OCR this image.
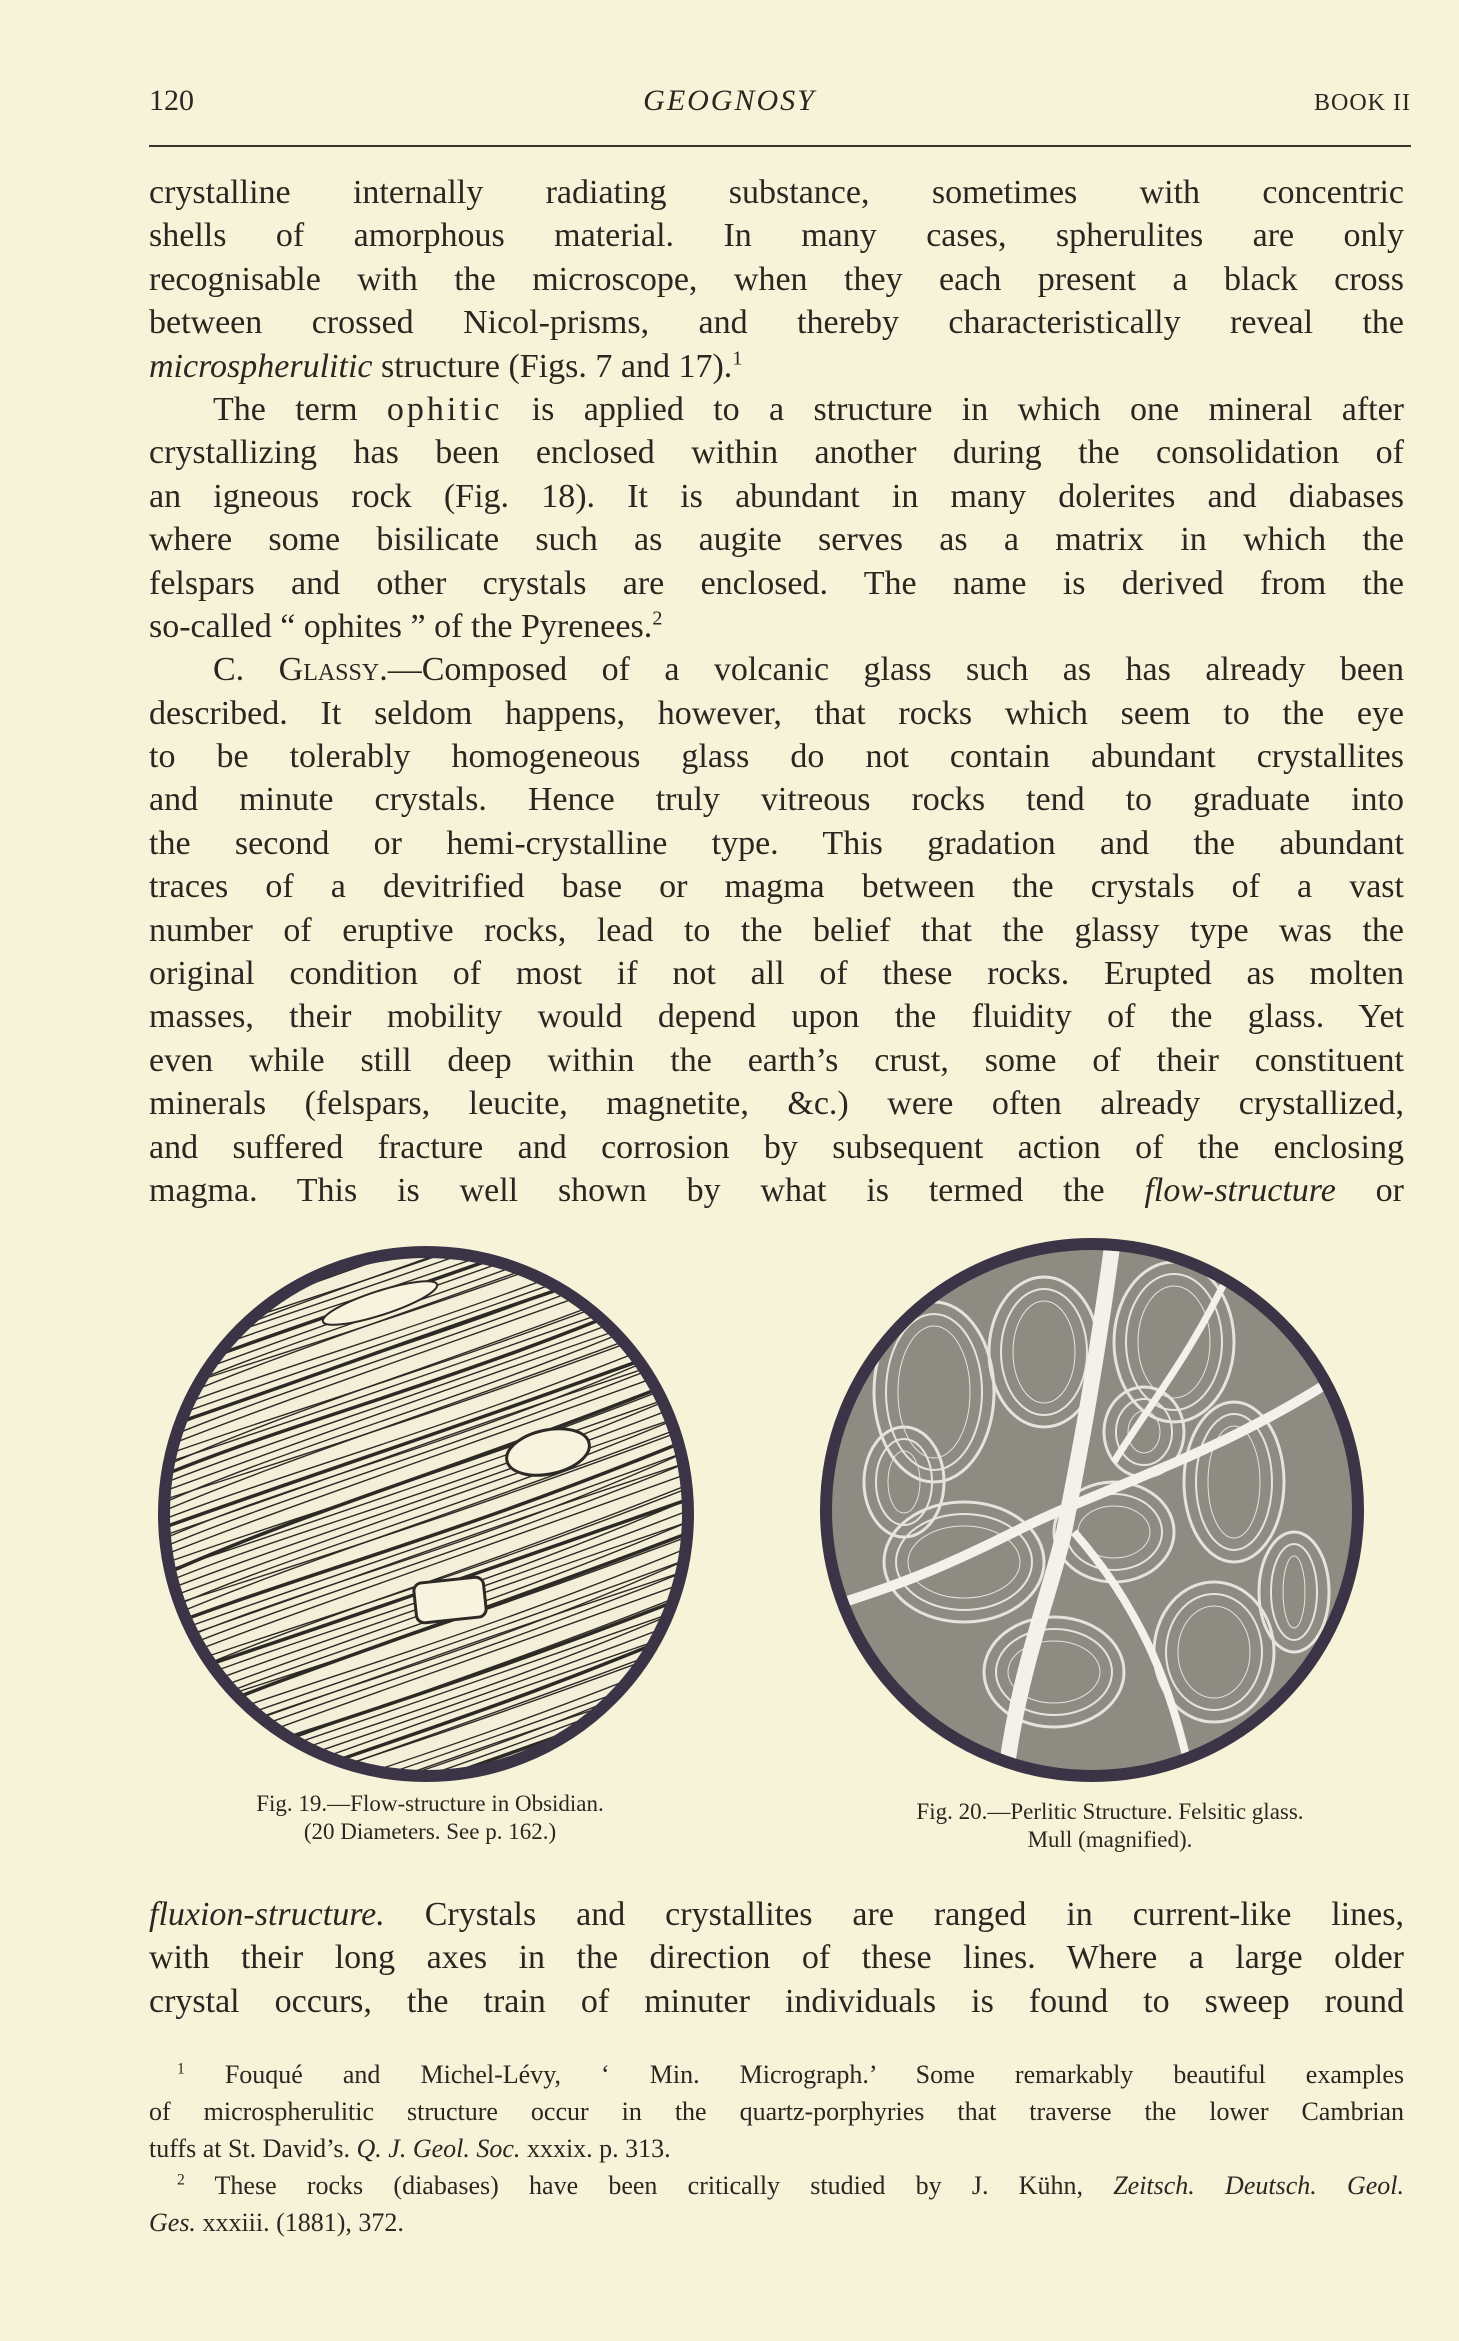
120	GEOGNOSY	BOOK II
crystalline internally radiating substance, sometimes with concentric
shells of amorphous material. In many cases, spherulites are only
recognisable with the microscope, when they each present a black cross
between crossed Nicol-prisms, and thereby characteristically reveal the
microspherulitic structure (Figs. 7 and 17).$^1$
The term ophitic is applied to a structure in which one mineral after
crystallizing has been enclosed within another during the consolidation of
an igneous rock (Fig. 18). It is abundant in many dolerites and diabases
where some bisilicate such as augite serves as a matrix in which the
felspars and other crystals are enclosed. The name is derived from the
so-called “ ophites ” of the Pyrenees.$^2$
C. Glassy.—Composed of a volcanic glass such as has already been
described. It seldom happens, however, that rocks which seem to the eye
to be tolerably homogeneous glass do not contain abundant crystallites
and minute crystals. Hence truly vitreous rocks tend to graduate into
the second or hemi-crystalline type. This gradation and the abundant
traces of a devitrified base or magma between the crystals of a vast
number of eruptive rocks, lead to the belief that the glassy type was the
original condition of most if not all of these rocks. Erupted as molten
masses, their mobility would depend upon the fluidity of the glass. Yet
even while still deep within the earth’s crust, some of their constituent
minerals (felspars, leucite, magnetite, &c.) were often already crystallized,
and suffered fracture and corrosion by subsequent action of the enclosing
magma. This is well shown by what is termed the flow-structure or
Fig. 19.—Flow-structure in Obsidian.
(20 Diameters. See p. 162.)
Fig. 20.—Perlitic Structure. Felsitic glass.
Mull (magnified).
fluxion-structure. Crystals and crystallites are ranged in current-like lines,
with their long axes in the direction of these lines. Where a large older
crystal occurs, the train of minuter individuals is found to sweep round
$^1$ Fouqué and Michel-Lévy, ‘ Min. Micrograph.’ Some remarkably beautiful examples
of microspherulitic structure occur in the quartz-porphyries that traverse the lower Cambrian
tuffs at St. David’s. Q. J. Geol. Soc. xxxix. p. 313.
$^2$ These rocks (diabases) have been critically studied by J. Kühn, Zeitsch. Deutsch. Geol.
Ges. xxxiii. (1881), 372.
